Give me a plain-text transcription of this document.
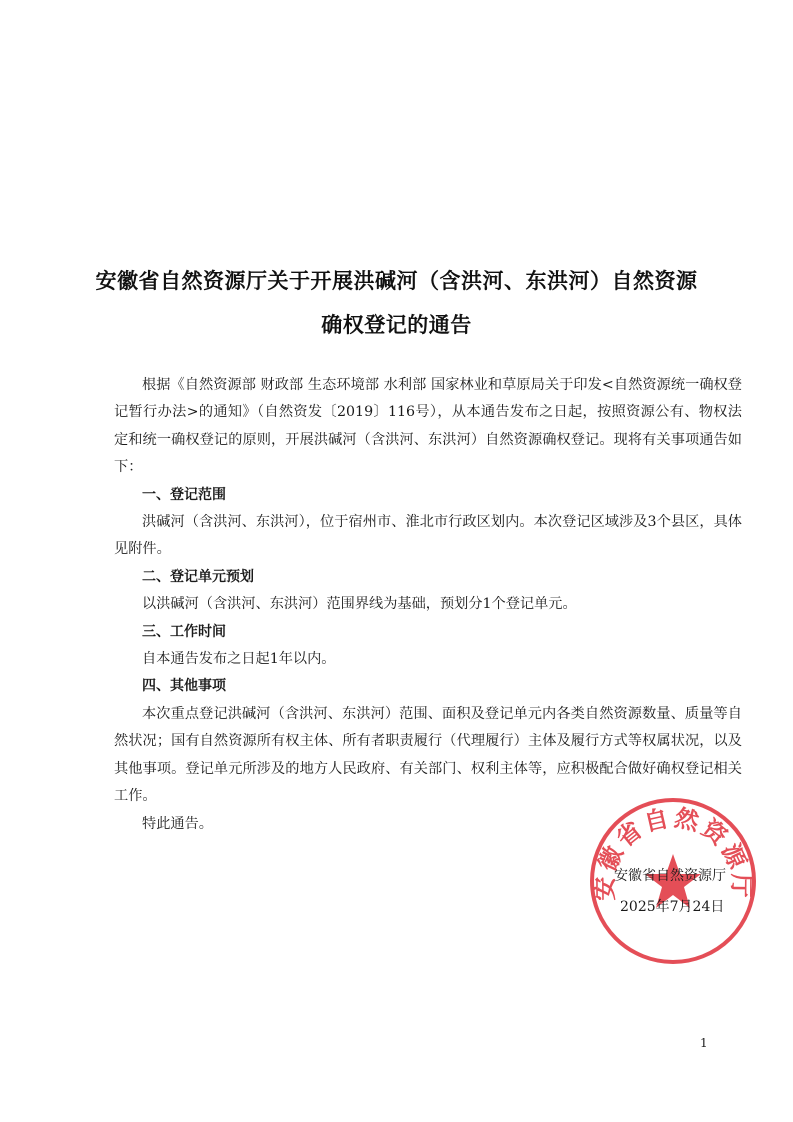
安徽省自然资源厅关于开展洪碱河（含洪河、东洪河）自然资源
确权登记的通告

根据《自然资源部 财政部 生态环境部 水利部 国家林业和草原局关于印发<自然资源统一确权登记暂行办法>的通知》（自然资发〔2019〕116号），从本通告发布之日起，按照资源公有、物权法定和统一确权登记的原则，开展洪碱河（含洪河、东洪河）自然资源确权登记。现将有关事项通告如下：

一、登记范围

洪碱河（含洪河、东洪河），位于宿州市、淮北市行政区划内。本次登记区域涉及3个县区，具体见附件。

二、登记单元预划

以洪碱河（含洪河、东洪河）范围界线为基础，预划分1个登记单元。

三、工作时间

自本通告发布之日起1年以内。

四、其他事项

本次重点登记洪碱河（含洪河、东洪河）范围、面积及登记单元内各类自然资源数量、质量等自然状况；国有自然资源所有权主体、所有者职责履行（代理履行）主体及履行方式等权属状况，以及其他事项。登记单元所涉及的地方人民政府、有关部门、权利主体等，应积极配合做好确权登记相关工作。

特此通告。

安徽省自然资源厅
安徽省自然资源厅
2025年7月24日
1
